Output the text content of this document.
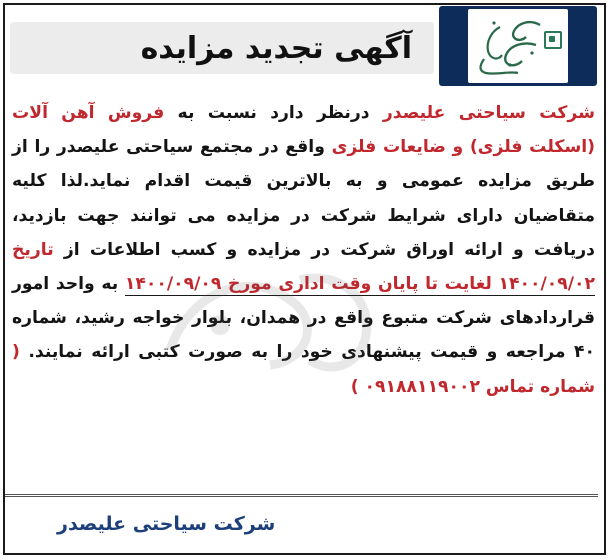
آگهی تجدید مزایده
شرکت سیاحتی علیصدر درنظر دارد نسبت به فروش آهن آلات (اسکلت فلزی) و ضایعات فلزی واقع در مجتمع سیاحتی علیصدر را از طریق مزایده عمومی و به بالاترین قیمت اقدام نماید.لذا کلیه متقاضیان دارای شرایط شرکت در مزایده می توانند جهت بازدید، دریافت و ارائه اوراق شرکت در مزایده و کسب اطلاعات از تاریخ ۱۴۰۰/۰۹/۰۲ لغایت تا پایان وقت اداری مورخ ۱۴۰۰/۰۹/۰۹ به واحد امور قراردادهای شرکت متبوع واقع در همدان، بلوار خواجه رشید، شماره ۴۰ مراجعه و قیمت پیشنهادی خود را به صورت کتبی ارائه نمایند. ( شماره تماس ۰۹۱۸۸۱۱۹۰۰۲ )
شرکت سیاحتی علیصدر
